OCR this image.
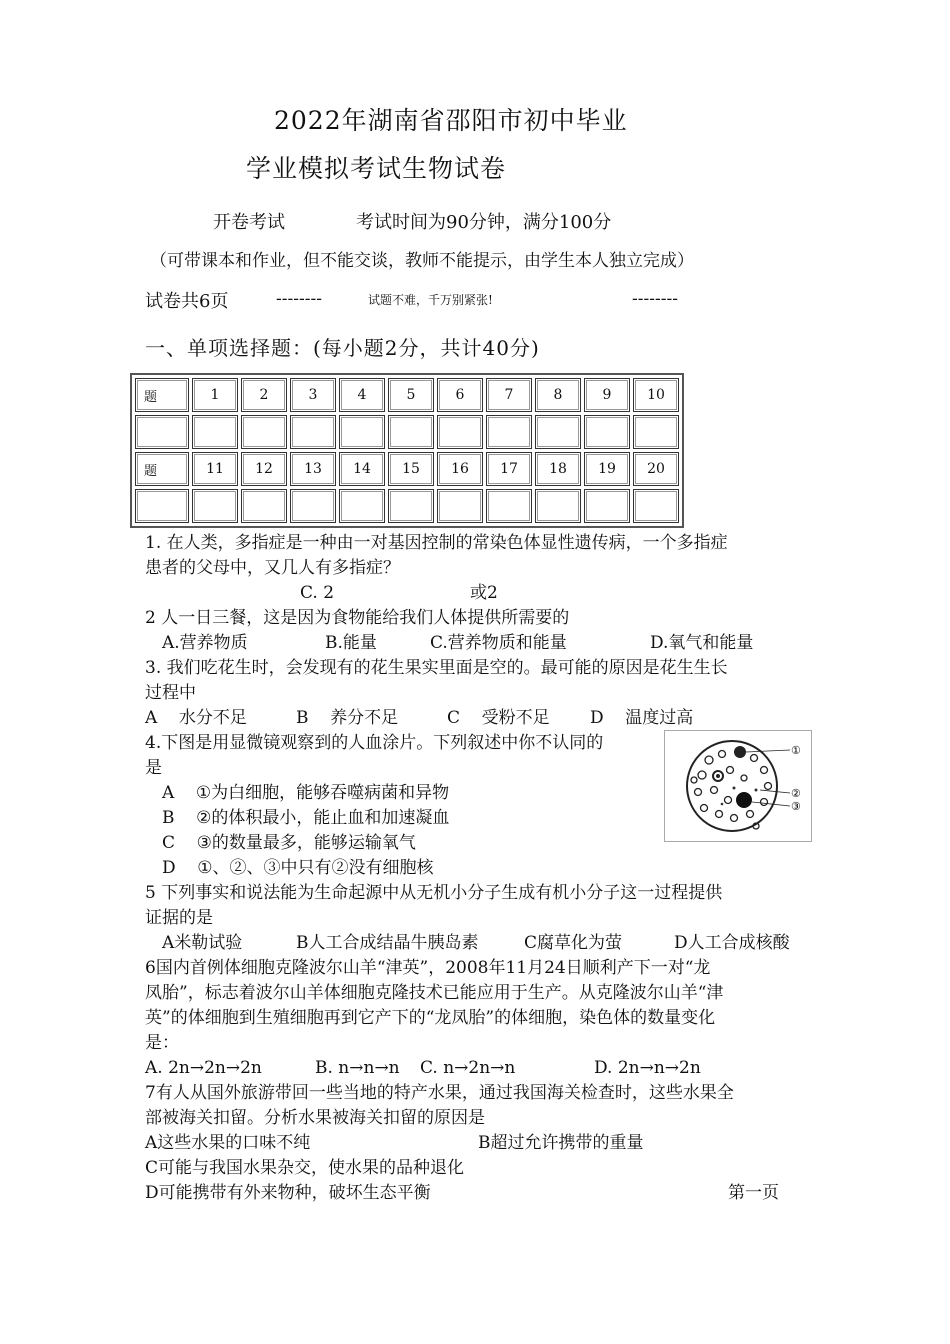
2022年湖南省邵阳市初中毕业
学业模拟考试生物试卷
开卷考试	考试时间为90分钟，满分100分
（可带课本和作业，但不能交谈，教师不能提示，由学生本人独立完成）
试卷共6页	--------	试题不难，千万别紧张!	--------
一、单项选择题：(每小题2分，共计40分)
题	1	2	3	4	5	6	7	8	9	10

题	11	12	13	14	15	16	17	18	19	20

1. 在人类，多指症是一种由一对基因控制的常染色体显性遗传病，一个多指症
患者的父母中，又几人有多指症？
C. 2	或2
2 人一日三餐，这是因为食物能给我们人体提供所需要的
A.营养物质	B.能量	C.营养物质和能量	D.氧气和能量
3. 我们吃花生时，会发现有的花生果实里面是空的。最可能的原因是花生生长
过程中
A    水分不足	B    养分不足	C    受粉不足 D    温度过高
4.下图是用显微镜观察到的人血涂片。下列叙述中你不认同的
是
A    ①为白细胞，能够吞噬病菌和异物
B    ②的体积最小，能止血和加速凝血
C    ③的数量最多，能够运输氧气
D    ①、②、③中只有②没有细胞核
①
②
③
5 下列事实和说法能为生命起源中从无机小分子生成有机小分子这一过程提供
证据的是
A米勒试验	B人工合成结晶牛胰岛素	C腐草化为萤	D人工合成核酸
6国内首例体细胞克隆波尔山羊“津英”，2008年11月24日顺利产下一对“龙
凤胎”，标志着波尔山羊体细胞克隆技术已能应用于生产。从克隆波尔山羊“津
英”的体细胞到生殖细胞再到它产下的“龙凤胎”的体细胞，染色体的数量变化
是：
A. 2n→2n→2n	B. n→n→n C. n→2n→n	D. 2n→n→2n
7有人从国外旅游带回一些当地的特产水果，通过我国海关检查时，这些水果全
部被海关扣留。分析水果被海关扣留的原因是
A这些水果的口味不纯	B超过允许携带的重量
C可能与我国水果杂交，使水果的品种退化
D可能携带有外来物种，破坏生态平衡	第一页
